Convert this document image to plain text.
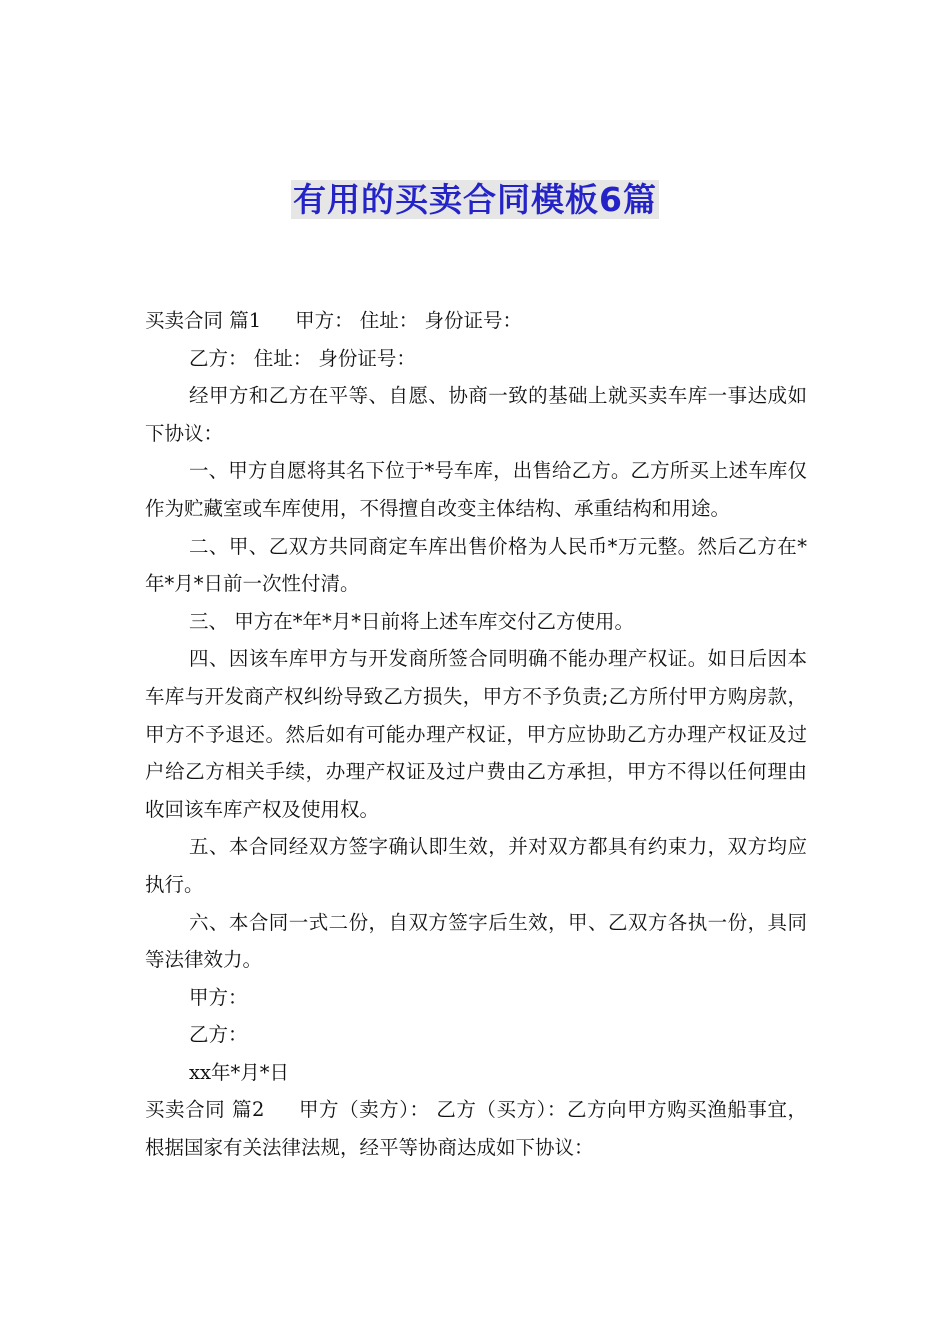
有用的买卖合同模板6篇

买卖合同 篇1 甲方： 住址： 身份证号：

乙方： 住址： 身份证号：

经甲方和乙方在平等、自愿、协商一致的基础上就买卖车库一事达成如下协议：

一、甲方自愿将其名下位于*号车库，出售给乙方。乙方所买上述车库仅作为贮藏室或车库使用，不得擅自改变主体结构、承重结构和用途。

二、甲、乙双方共同商定车库出售价格为人民币*万元整。然后乙方在*年*月*日前一次性付清。

三、 甲方在*年*月*日前将上述车库交付乙方使用。

四、因该车库甲方与开发商所签合同明确不能办理产权证。如日后因本车库与开发商产权纠纷导致乙方损失，甲方不予负责;乙方所付甲方购房款，甲方不予退还。然后如有可能办理产权证，甲方应协助乙方办理产权证及过户给乙方相关手续，办理产权证及过户费由乙方承担，甲方不得以任何理由收回该车库产权及使用权。

五、本合同经双方签字确认即生效，并对双方都具有约束力，双方均应执行。

六、本合同一式二份，自双方签字后生效，甲、乙双方各执一份，具同等法律效力。

甲方：

乙方：

xx年*月*日

买卖合同 篇2 甲方（卖方）： 乙方（买方）：乙方向甲方购买渔船事宜，根据国家有关法律法规，经平等协商达成如下协议：
